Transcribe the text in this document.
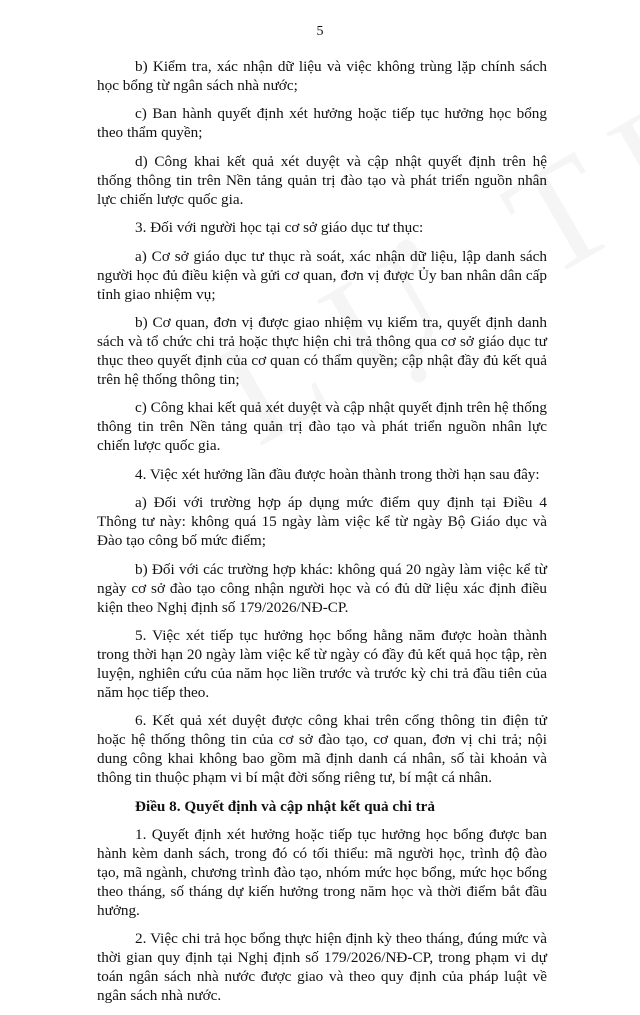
5

b) Kiểm tra, xác nhận dữ liệu và việc không trùng lặp chính sách học bổng từ ngân sách nhà nước;

c) Ban hành quyết định xét hưởng hoặc tiếp tục hưởng học bổng theo thẩm quyền;

d) Công khai kết quả xét duyệt và cập nhật quyết định trên hệ thống thông tin trên Nền tảng quản trị đào tạo và phát triển nguồn nhân lực chiến lược quốc gia.

3. Đối với người học tại cơ sở giáo dục tư thục:

a) Cơ sở giáo dục tư thục rà soát, xác nhận dữ liệu, lập danh sách người học đủ điều kiện và gửi cơ quan, đơn vị được Ủy ban nhân dân cấp tỉnh giao nhiệm vụ;

b) Cơ quan, đơn vị được giao nhiệm vụ kiểm tra, quyết định danh sách và tổ chức chi trả hoặc thực hiện chi trả thông qua cơ sở giáo dục tư thục theo quyết định của cơ quan có thẩm quyền; cập nhật đầy đủ kết quả trên hệ thống thông tin;

c) Công khai kết quả xét duyệt và cập nhật quyết định trên hệ thống thông tin trên Nền tảng quản trị đào tạo và phát triển nguồn nhân lực chiến lược quốc gia.

4. Việc xét hưởng lần đầu được hoàn thành trong thời hạn sau đây:

a) Đối với trường hợp áp dụng mức điểm quy định tại Điều 4 Thông tư này: không quá 15 ngày làm việc kể từ ngày Bộ Giáo dục và Đào tạo công bố mức điểm;

b) Đối với các trường hợp khác: không quá 20 ngày làm việc kể từ ngày cơ sở đào tạo công nhận người học và có đủ dữ liệu xác định điều kiện theo Nghị định số 179/2026/NĐ-CP.

5. Việc xét tiếp tục hưởng học bổng hằng năm được hoàn thành trong thời hạn 20 ngày làm việc kể từ ngày có đầy đủ kết quả học tập, rèn luyện, nghiên cứu của năm học liền trước và trước kỳ chi trả đầu tiên của năm học tiếp theo.

6. Kết quả xét duyệt được công khai trên cổng thông tin điện tử hoặc hệ thống thông tin của cơ sở đào tạo, cơ quan, đơn vị chi trả; nội dung công khai không bao gồm mã định danh cá nhân, số tài khoản và thông tin thuộc phạm vi bí mật đời sống riêng tư, bí mật cá nhân.

Điều 8. Quyết định và cập nhật kết quả chi trả

1. Quyết định xét hưởng hoặc tiếp tục hưởng học bổng được ban hành kèm danh sách, trong đó có tối thiểu: mã người học, trình độ đào tạo, mã ngành, chương trình đào tạo, nhóm mức học bổng, mức học bổng theo tháng, số tháng dự kiến hưởng trong năm học và thời điểm bắt đầu hưởng.

2. Việc chi trả học bổng thực hiện định kỳ theo tháng, đúng mức và thời gian quy định tại Nghị định số 179/2026/NĐ-CP, trong phạm vi dự toán ngân sách nhà nước được giao và theo quy định của pháp luật về ngân sách nhà nước.
